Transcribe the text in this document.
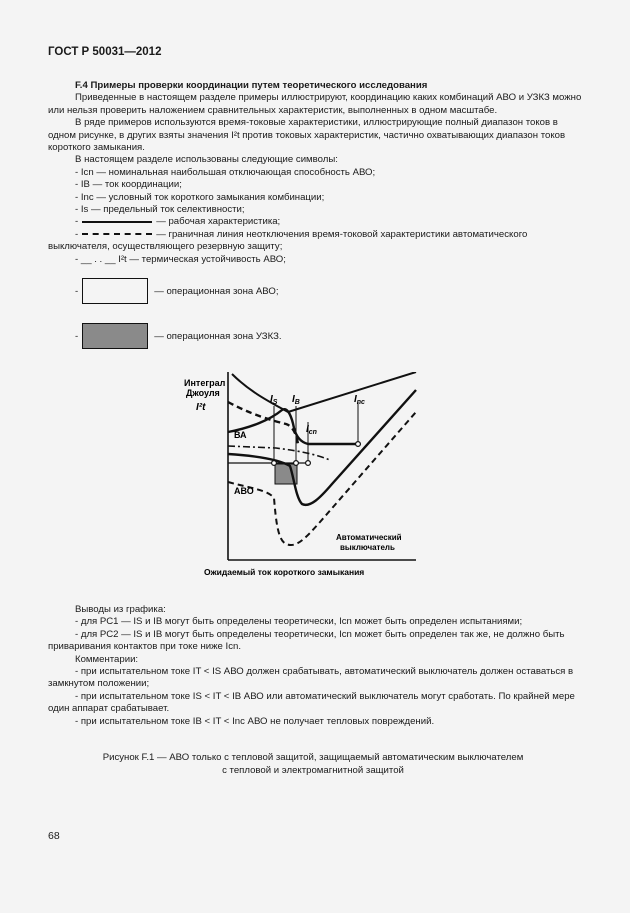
ГОСТ Р 50031—2012

F.4 Примеры проверки координации путем теоретического исследования

Приведенные в настоящем разделе примеры иллюстрируют, координацию каких комбинаций АВО и УЗКЗ можно или нельзя проверить наложением сравнительных характеристик, выполненных в одном масштабе.

В ряде примеров используются время-токовые характеристики, иллюстрирующие полный диапазон токов в одном рисунке, в других взяты значения I²t против токовых характеристик, частично охватывающих диапазон токов короткого замыкания.

В настоящем разделе использованы следующие символы:

- Icn — номинальная наибольшая отключающая способность АВО;

- IB — ток координации;

- Inc — условный ток короткого замыкания комбинации;

- Is — предельный ток селективности;

-	— рабочая характеристика;

-	— граничная линия неотключения время-токовой характеристики автоматического выключателя, осуществляющего резервную защиту;

- __ . . __ I²t — термическая устойчивость АВО;

-	— операционная зона АВО;
-	— операционная зона УЗКЗ.
Интеграл
Джоуля
I²t
$I_S$ $I_B$
$I_{cn}$
$I_{nc}$
ВА
АВО
Автоматический
выключатель
Ожидаемый ток короткого замыкания

Выводы из графика:

- для РС1 — IS и IB могут быть определены теоретически, Icn может быть определен испытаниями;

- для РС2 — IS и IB могут быть определены теоретически, Icn может быть определен так же, не должно быть приваривания контактов при токе ниже Icn.

Комментарии:

- при испытательном токе IT < IS АВО должен срабатывать, автоматический выключатель должен оставаться в замкнутом положении;

- при испытательном токе IS < IT < IB АВО или автоматический выключатель могут сработать. По крайней мере один аппарат срабатывает.

- при испытательном токе IB < IT < Inc АВО не получает тепловых повреждений.

Рисунок F.1 — АВО только с тепловой защитой, защищаемый автоматическим выключателем

с тепловой и электромагнитной защитой

68
